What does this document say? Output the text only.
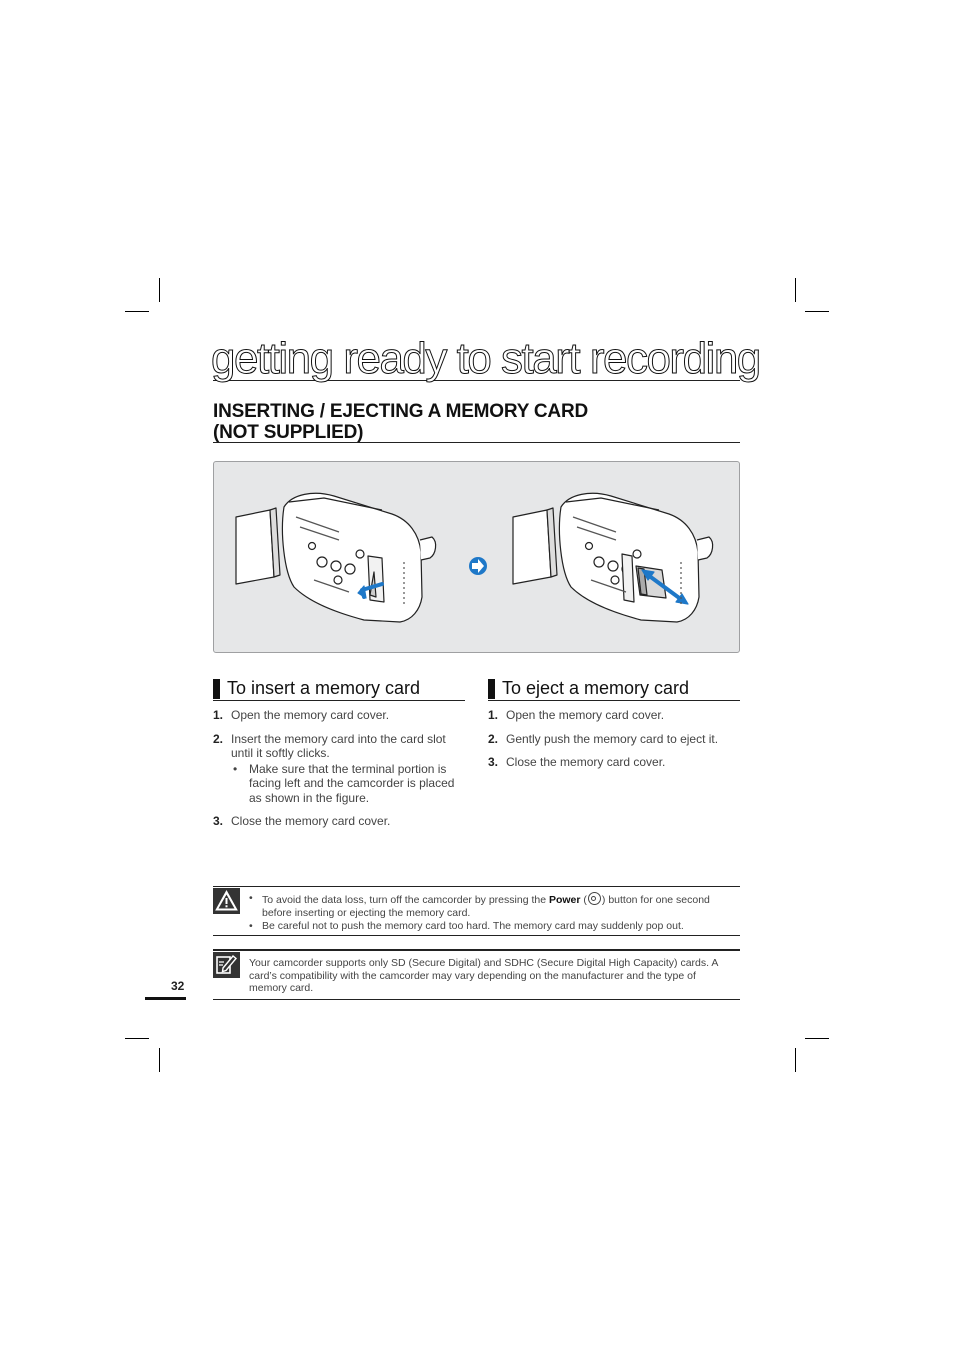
getting ready to start recording
INSERTING / EJECTING A MEMORY CARD
(NOT SUPPLIED)
To insert a memory card
1. Open the memory card cover.
2. Insert the memory card into the card slot until it softly clicks.
• Make sure that the terminal portion is facing left and the camcorder is placed as shown in the figure.
3. Close the memory card cover.
To eject a memory card
1. Open the memory card cover.
2. Gently push the memory card to eject it.
3. Close the memory card cover.
• To avoid the data loss, turn off the camcorder by pressing the Power ( ) button for one second before inserting or ejecting the memory card.
• Be careful not to push the memory card too hard. The memory card may suddenly pop out.
Your camcorder supports only SD (Secure Digital) and SDHC (Secure Digital High Capacity) cards. A card’s compatibility with the camcorder may vary depending on the manufacturer and the type of memory card.
32
